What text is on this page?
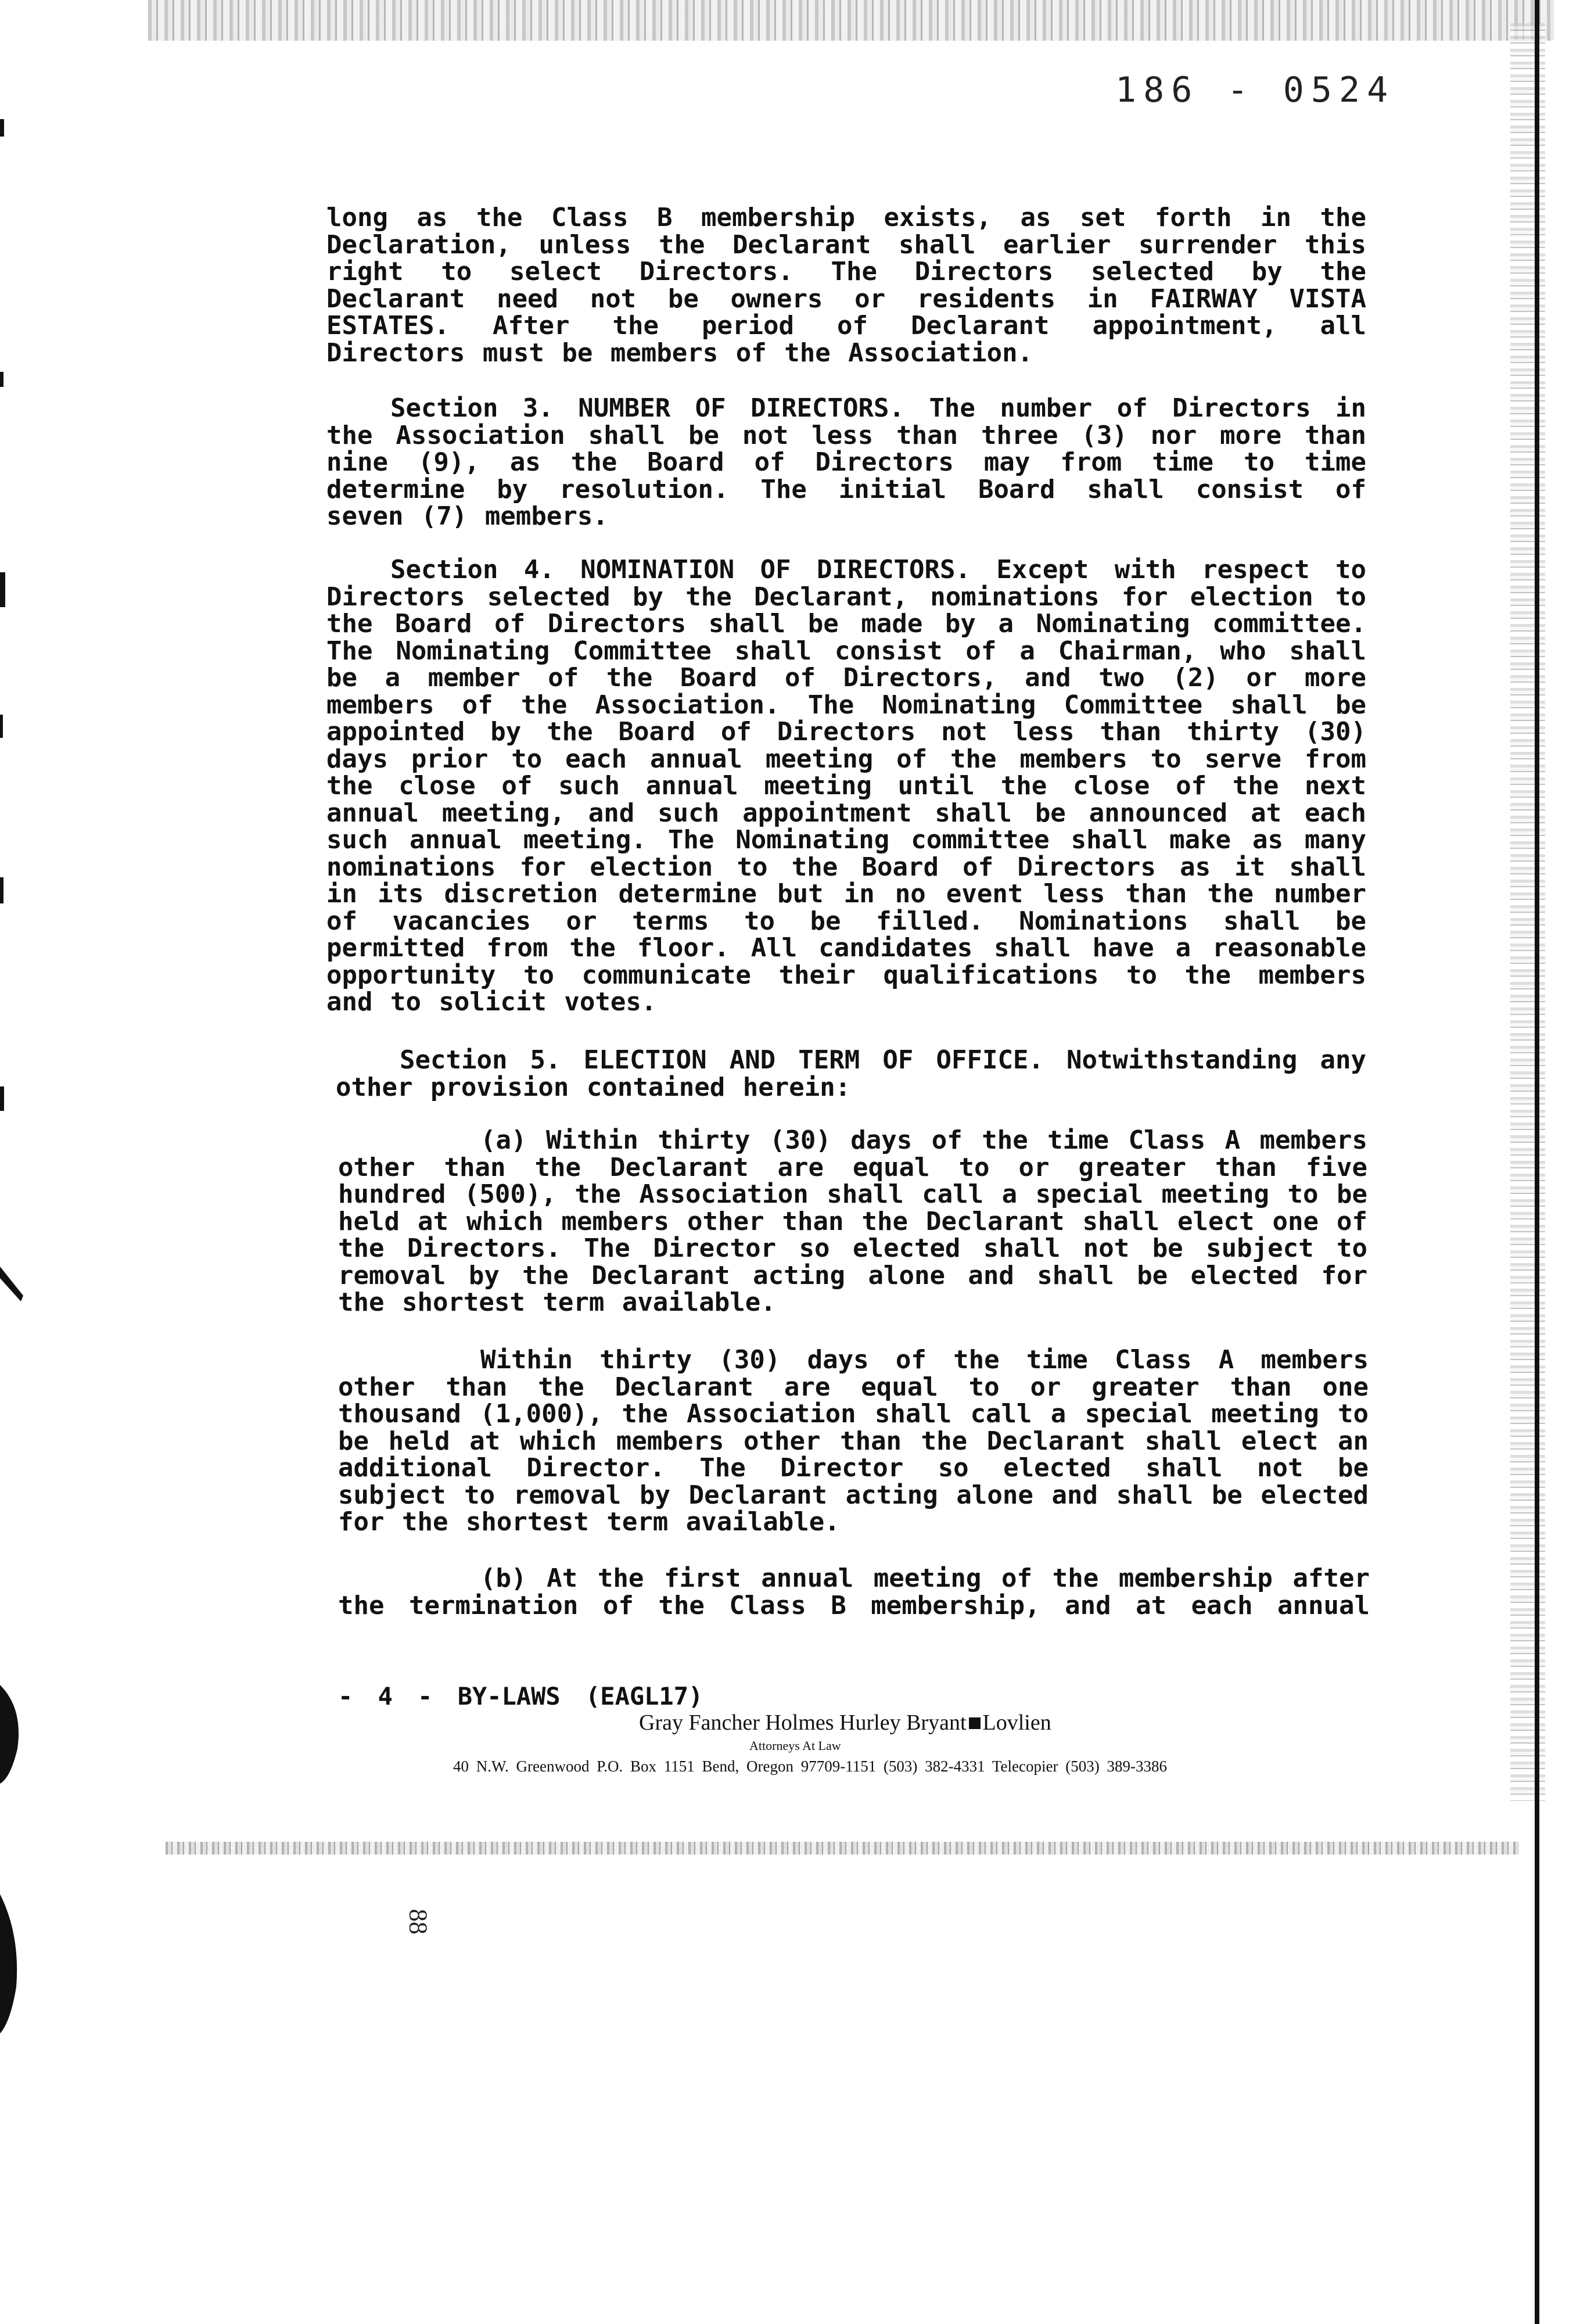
186 - 0524
long as the Class B membership exists, as set forth in the
Declaration, unless the Declarant shall earlier surrender this
right to select Directors. The Directors selected by the
Declarant need not be owners or residents in FAIRWAY VISTA
ESTATES. After the period of Declarant appointment, all
Directors must be members of the Association.
Section 3. NUMBER OF DIRECTORS. The number of Directors in
the Association shall be not less than three (3) nor more than
nine (9), as the Board of Directors may from time to time
determine by resolution. The initial Board shall consist of
seven (7) members.
Section 4. NOMINATION OF DIRECTORS. Except with respect to
Directors selected by the Declarant, nominations for election to
the Board of Directors shall be made by a Nominating committee.
The Nominating Committee shall consist of a Chairman, who shall
be a member of the Board of Directors, and two (2) or more
members of the Association. The Nominating Committee shall be
appointed by the Board of Directors not less than thirty (30)
days prior to each annual meeting of the members to serve from
the close of such annual meeting until the close of the next
annual meeting, and such appointment shall be announced at each
such annual meeting. The Nominating committee shall make as many
nominations for election to the Board of Directors as it shall
in its discretion determine but in no event less than the number
of vacancies or terms to be filled. Nominations shall be
permitted from the floor. All candidates shall have a reasonable
opportunity to communicate their qualifications to the members
and to solicit votes.
Section 5. ELECTION AND TERM OF OFFICE. Notwithstanding any
other provision contained herein:
(a) Within thirty (30) days of the time Class A members
other than the Declarant are equal to or greater than five
hundred (500), the Association shall call a special meeting to be
held at which members other than the Declarant shall elect one of
the Directors. The Director so elected shall not be subject to
removal by the Declarant acting alone and shall be elected for
the shortest term available.
Within thirty (30) days of the time Class A members
other than the Declarant are equal to or greater than one
thousand (1,000), the Association shall call a special meeting to
be held at which members other than the Declarant shall elect an
additional Director. The Director so elected shall not be
subject to removal by Declarant acting alone and shall be elected
for the shortest term available.
(b) At the first annual meeting of the membership after
the termination of the Class B membership, and at each annual
- 4 - BY-LAWS (EAGL17)
Gray Fancher Holmes Hurley Bryant Lovlien
Attorneys At Law
40 N.W. Greenwood P.O. Box 1151 Bend, Oregon 97709-1151 (503) 382-4331 Telecopier (503) 389-3386
88
